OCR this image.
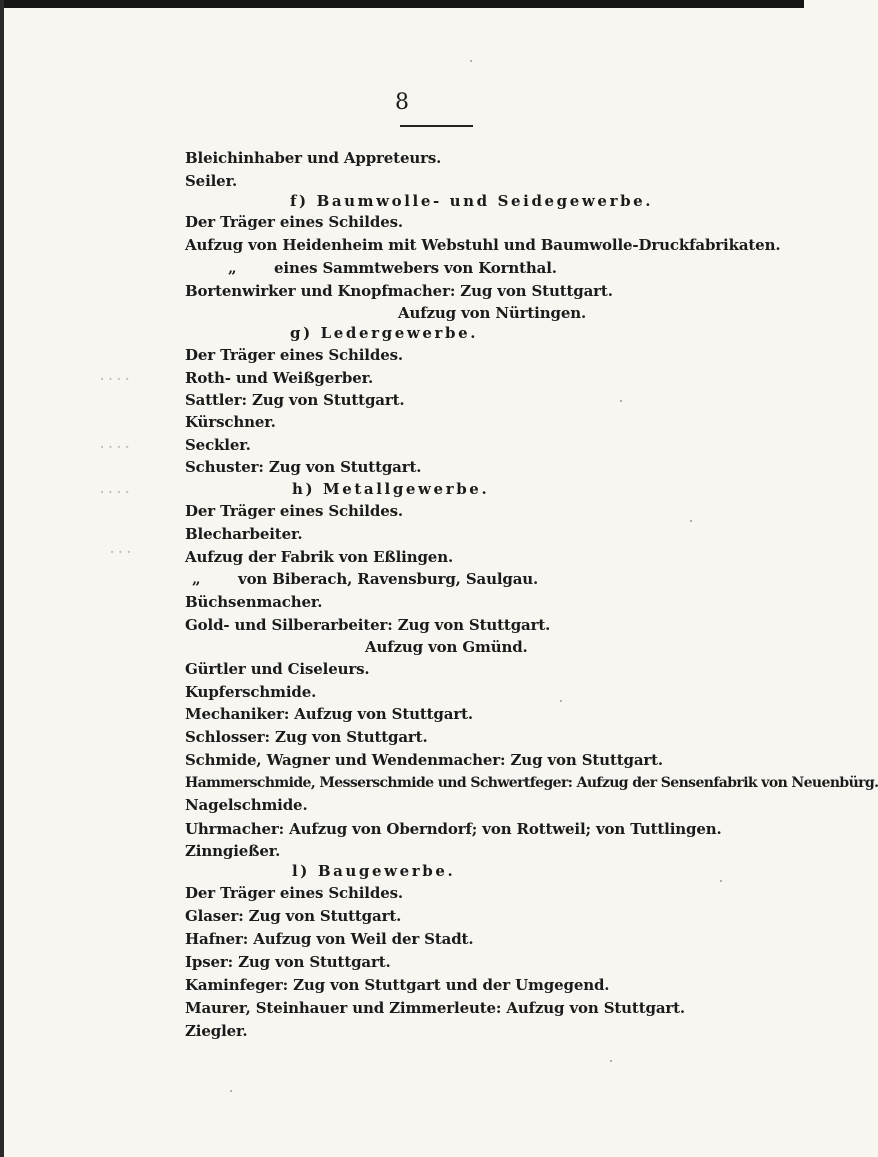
· · · ·
· · · ·
· · · ·
· · ·
8
Bleichinhaber und Appreteurs.
Seiler.
f) Baumwolle- und Seidegewerbe.
Der Träger eines Schildes.
Aufzug von Heidenheim mit Webstuhl und Baumwolle-Druckfabrikaten.
„	eines Sammtwebers von Kornthal.
Bortenwirker und Knopfmacher: Zug von Stuttgart.
Aufzug von Nürtingen.
g) Ledergewerbe.
Der Träger eines Schildes.
Roth- und Weißgerber.
Sattler: Zug von Stuttgart.
Kürschner.
Seckler.
Schuster: Zug von Stuttgart.
h) Metallgewerbe.
Der Träger eines Schildes.
Blecharbeiter.
Aufzug der Fabrik von Eßlingen.
„	von Biberach, Ravensburg, Saulgau.
Büchsenmacher.
Gold- und Silberarbeiter: Zug von Stuttgart.
Aufzug von Gmünd.
Gürtler und Ciseleurs.
Kupferschmide.
Mechaniker: Aufzug von Stuttgart.
Schlosser: Zug von Stuttgart.
Schmide, Wagner und Wendenmacher: Zug von Stuttgart.
Hammerschmide, Messerschmide und Schwertfeger: Aufzug der Sensenfabrik von Neuenbürg.
Nagelschmide.
Uhrmacher: Aufzug von Oberndorf; von Rottweil; von Tuttlingen.
Zinngießer.
l) Baugewerbe.
Der Träger eines Schildes.
Glaser: Zug von Stuttgart.
Hafner: Aufzug von Weil der Stadt.
Ipser: Zug von Stuttgart.
Kaminfeger: Zug von Stuttgart und der Umgegend.
Maurer, Steinhauer und Zimmerleute: Aufzug von Stuttgart.
Ziegler.
